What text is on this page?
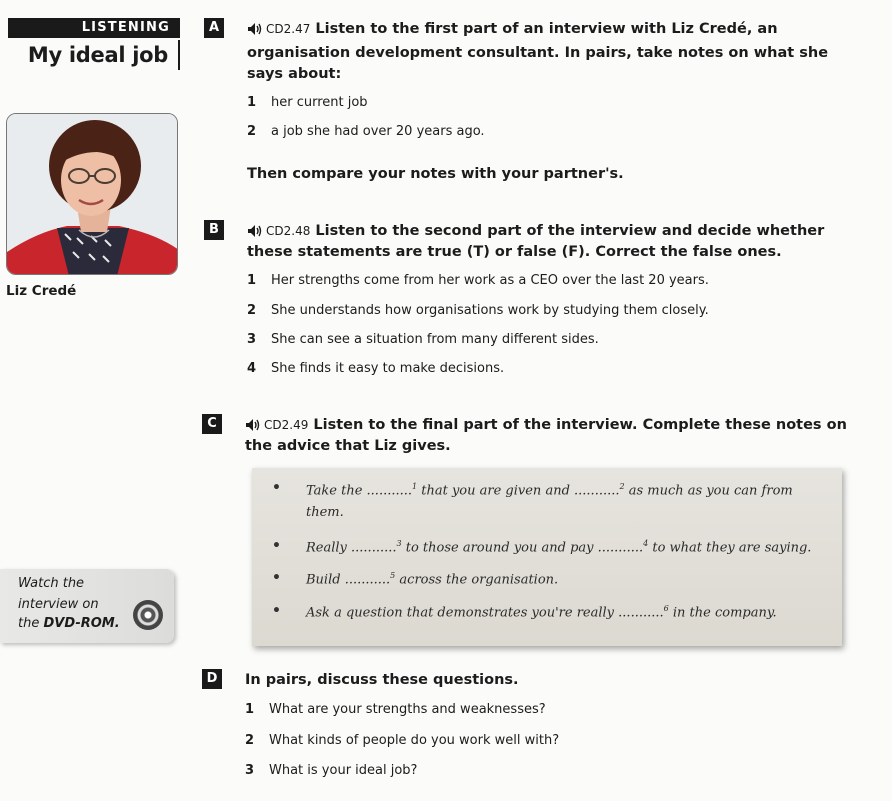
LISTENING
My ideal job
Liz Credé
Watch the
interview on
the DVD-ROM.
A	CD2.47 Listen to the first part of an interview with Liz Credé, an
organisation development consultant. In pairs, take notes on what she
says about:
1	her current job
2	a job she had over 20 years ago.
Then compare your notes with your partner's.
B	CD2.48 Listen to the second part of the interview and decide whether
these statements are true (T) or false (F). Correct the false ones.
1	Her strengths come from her work as a CEO over the last 20 years.
2	She understands how organisations work by studying them closely.
3	She can see a situation from many different sides.
4	She finds it easy to make decisions.
C	CD2.49 Listen to the final part of the interview. Complete these notes on
the advice that Liz gives.
• Take the ...........$^1$ that you are given and ...........$^2$ as much as you can from
them.
• Really ...........$^3$ to those around you and pay ...........$^4$ to what they are saying.
• Build ...........$^5$ across the organisation.
• Ask a question that demonstrates you're really ...........$^6$ in the company.
D	In pairs, discuss these questions.
1	What are your strengths and weaknesses?
2	What kinds of people do you work well with?
3	What is your ideal job?
